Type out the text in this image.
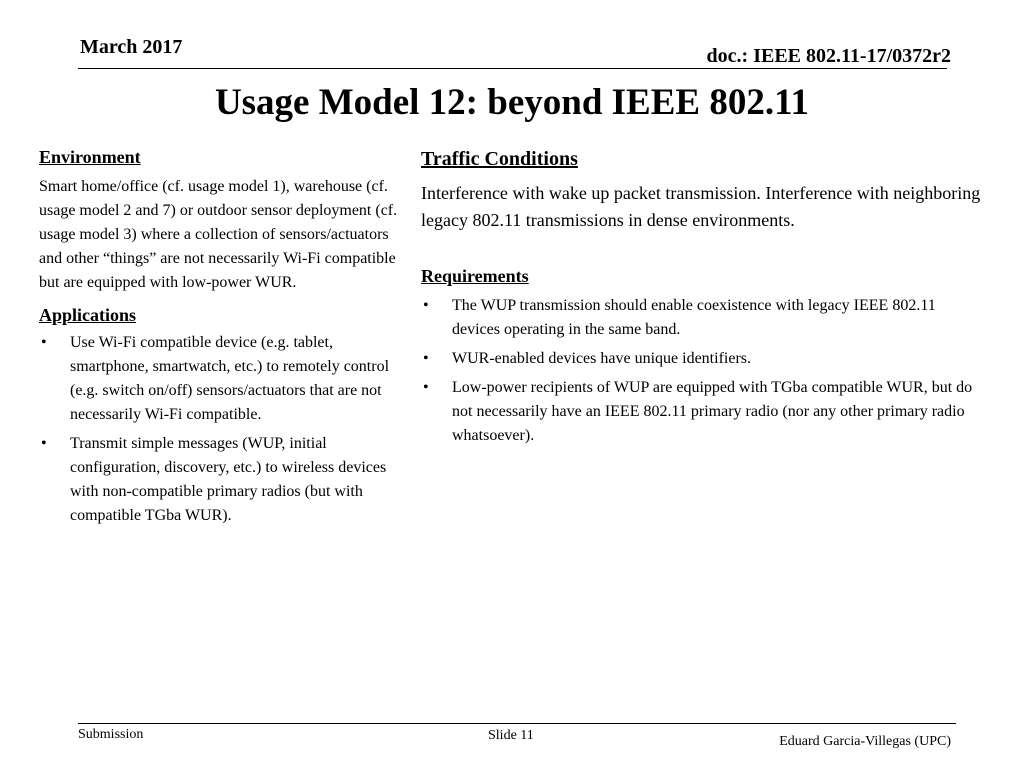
March 2017	doc.: IEEE 802.11-17/0372r2
Usage Model 12: beyond IEEE 802.11
Environment
Smart home/office (cf. usage model 1), warehouse (cf. usage model 2 and 7) or outdoor sensor deployment (cf. usage model 3) where a collection of sensors/actuators and other “things” are not necessarily Wi-Fi compatible but are equipped with low-power WUR.
Applications
• Use Wi-Fi compatible device (e.g. tablet, smartphone, smartwatch, etc.) to remotely control (e.g. switch on/off) sensors/actuators that are not necessarily Wi-Fi compatible.
• Transmit simple messages (WUP, initial configuration, discovery, etc.) to wireless devices with non-compatible primary radios (but with compatible TGba WUR).
Traffic Conditions
Interference with wake up packet transmission. Interference with neighboring legacy 802.11 transmissions in dense environments.
Requirements
• The WUP transmission should enable coexistence with legacy IEEE 802.11 devices operating in the same band.
• WUR-enabled devices have unique identifiers.
• Low-power recipients of WUP are equipped with TGba compatible WUR, but do not necessarily have an IEEE 802.11 primary radio (nor any other primary radio whatsoever).
Submission	Slide 11	Eduard Garcia-Villegas (UPC)
